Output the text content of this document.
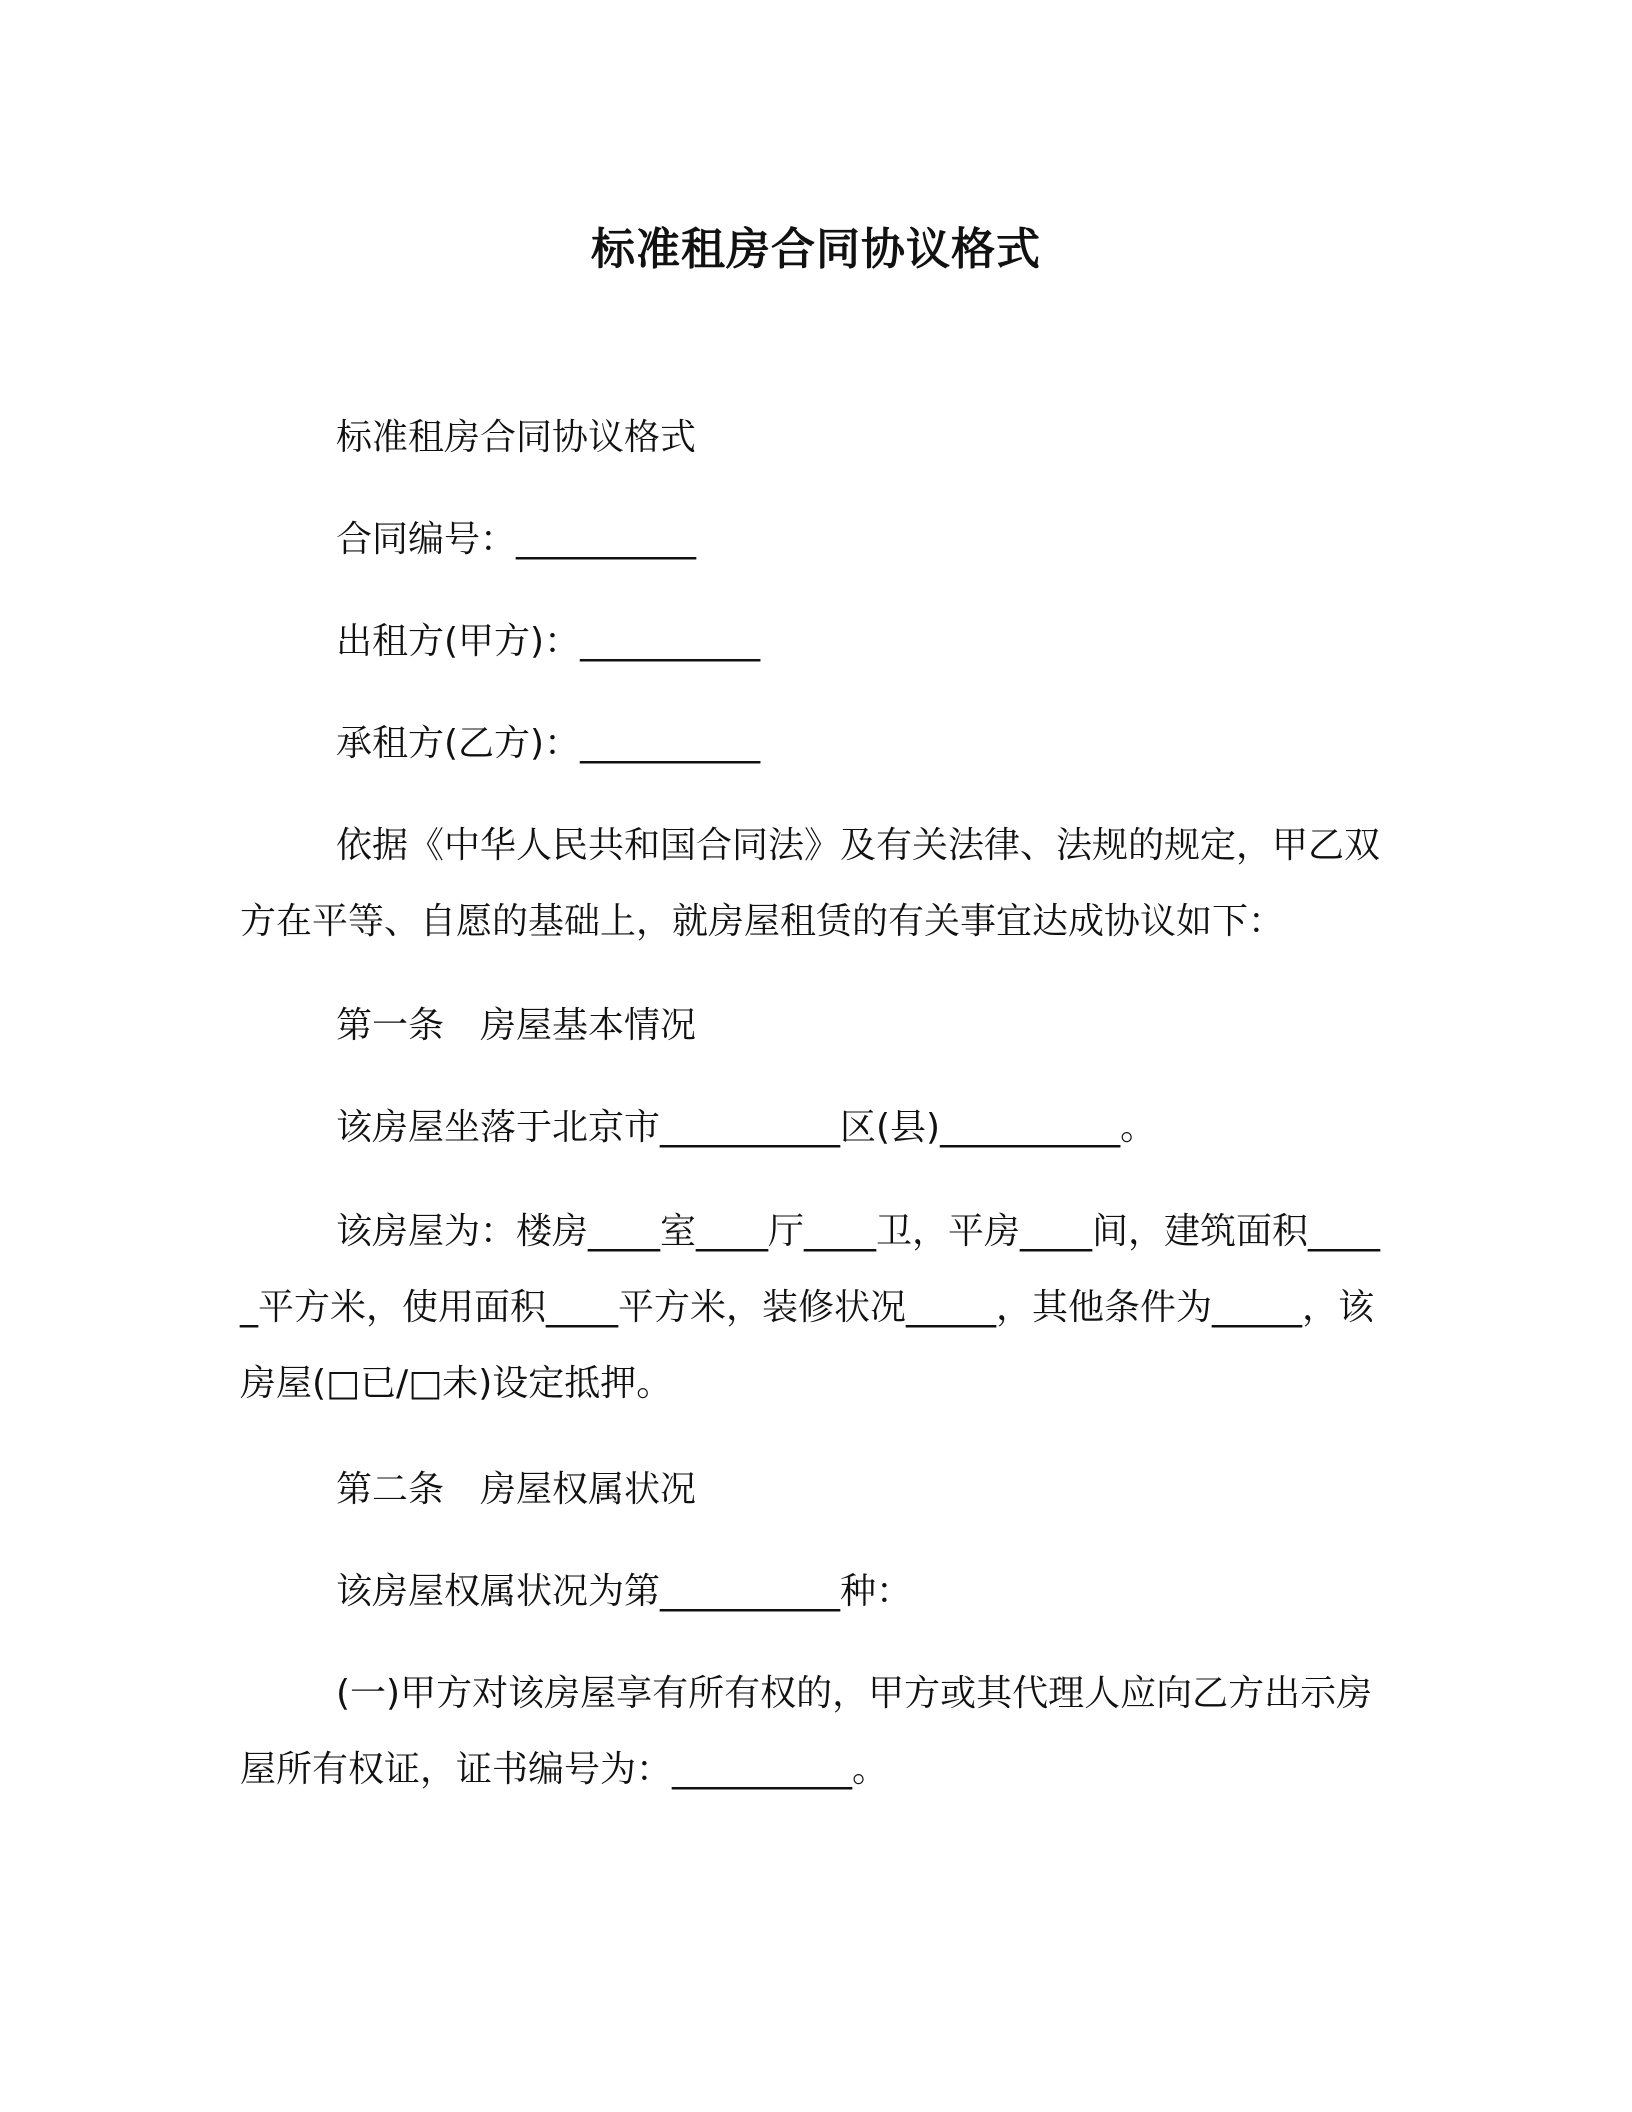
标准租房合同协议格式

标准租房合同协议格式

合同编号：__________

出租方(甲方)：__________

承租方(乙方)：__________

依据《中华人民共和国合同法》及有关法律、法规的规定，甲乙双方在平等、自愿的基础上，就房屋租赁的有关事宜达成协议如下：

第一条　房屋基本情况

该房屋坐落于北京市__________区(县)__________。

该房屋为：楼房____室____厅____卫，平房____间，建筑面积_____平方米，使用面积____平方米，装修状况_____，其他条件为_____，该房屋(□已/□未)设定抵押。

第二条　房屋权属状况

该房屋权属状况为第__________种：

(一)甲方对该房屋享有所有权的，甲方或其代理人应向乙方出示房屋所有权证，证书编号为：__________。
